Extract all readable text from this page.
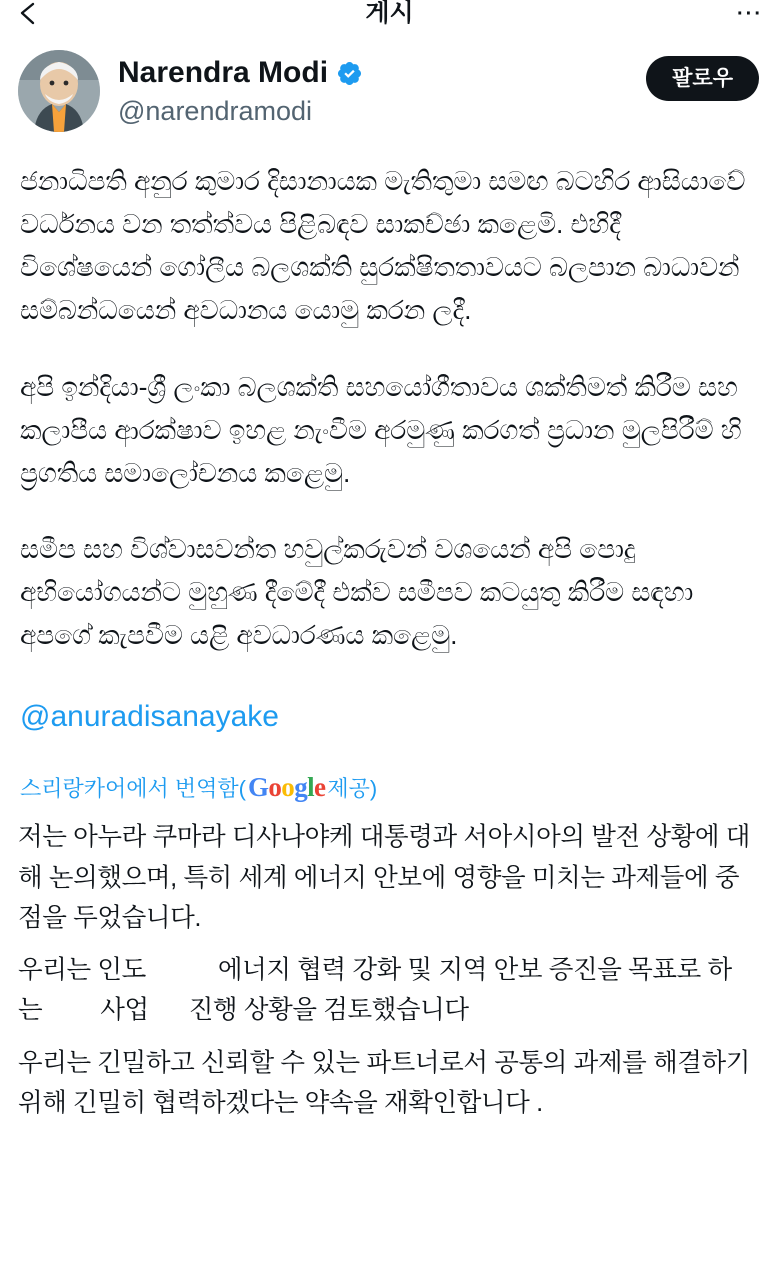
게시	···
Narendra Modi
@narendramodi
팔로우

ජනාධිපති අනුර කුමාර දිසානායක මැතිතුමා සමඟ බටහිර ආසියාවේ වර්ධනය වන තත්ත්වය පිළිබඳව සාකච්ඡා කළෙමි. එහිදී විශේෂයෙන් ගෝලීය බලශක්ති සුරක්ෂිතතාවයට බලපාන බාධාවන් සම්බන්ධයෙන් අවධානය යොමු කරන ලදී.

අපි ඉන්දියා-ශ්‍රී ලංකා බලශක්ති සහයෝගීතාවය ශක්තිමත් කිරීම සහ කලාපීය ආරක්ෂාව ඉහළ නැංවීම අරමුණු කරගත් ප්‍රධාන මුලපිරීම් හි ප්‍රගතිය සමාලෝචනය කළෙමු.

සමීප සහ විශ්වාසවන්ත හවුල්කරුවන් වශයෙන් අපි පොදු අභියෝගයන්ට මුහුණ දීමේදී එක්ව සමීපව කටයුතු කිරීම සඳහා අපගේ කැපවීම යළි අවධාරණය කළෙමු.

@anuradisanayake
스리랑카어에서 번역함( Google 제공)

저는 아누라 쿠마라 디사나야케 대통령과 서아시아의 발전 상황에 대해 논의했으며, 특히 세계 에너지 안보에 영향을 미치는 과제들에 중점을 두었습니다.

우리는 인도	에너지 협력 강화 및 지역 안보 증진을 목표로 하
는 사업 진행 상황을 검토했습니다

우리는 긴밀하고 신뢰할 수 있는 파트너로서 공통의 과제를 해결하기 위해 긴밀히 협력하겠다는 약속을 재확인합니다 .
